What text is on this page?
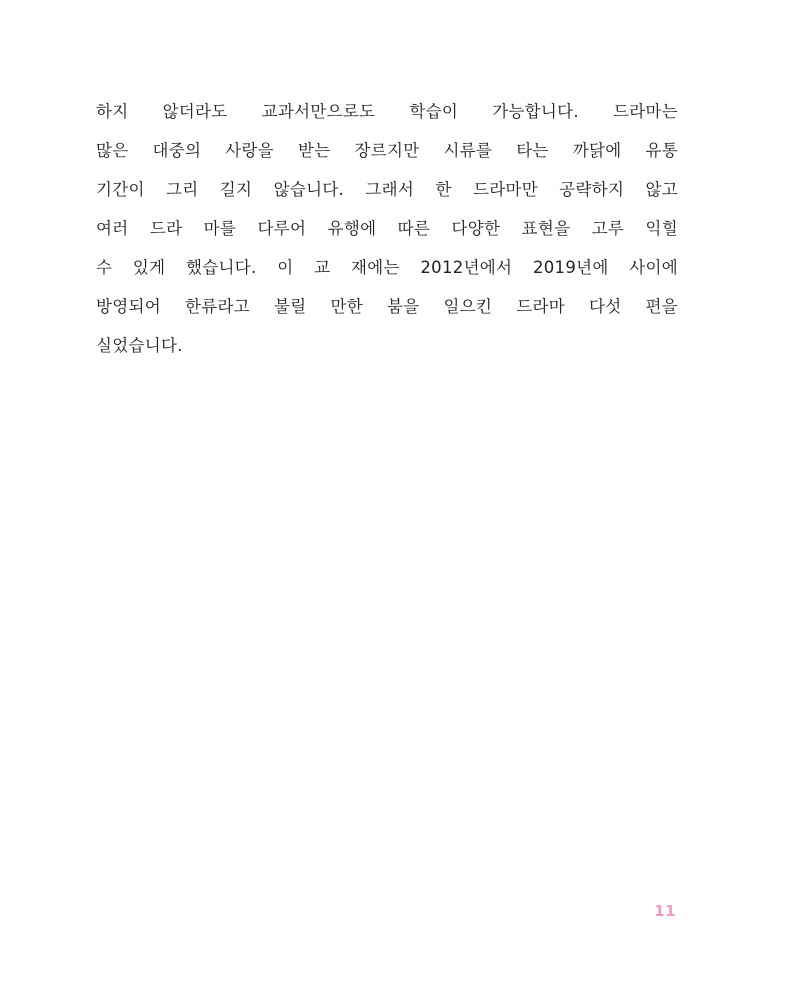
하지 않더라도 교과서만으로도 학습이 가능합니다. 드라마는
많은 대중의 사랑을 받는 장르지만 시류를 타는 까닭에 유통
기간이 그리 길지 않습니다. 그래서 한 드라마만 공략하지 않고
여러 드라 마를 다루어 유행에 따른 다양한 표현을 고루 익힐
수 있게 했습니다. 이 교 재에는 2012년에서 2019년에 사이에
방영되어 한류라고 불릴 만한 붐을 일으킨 드라마 다섯 편을
실었습니다.
11
